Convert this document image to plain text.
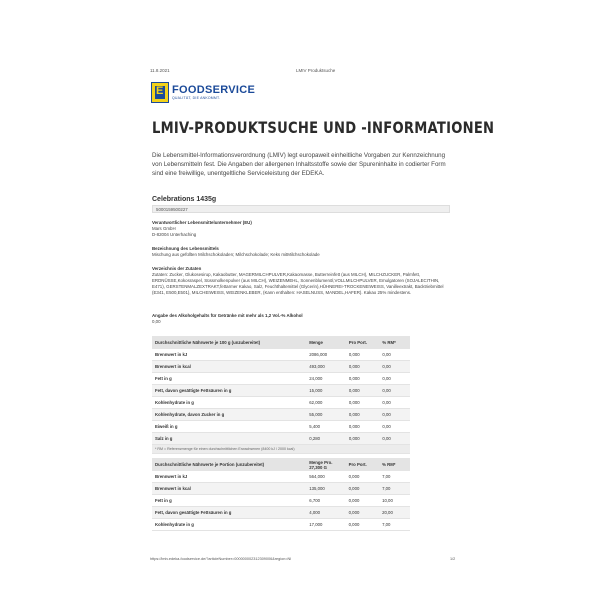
11.8.2021	LMIV Produktsuche
E FOODSERVICE
QUALITÄT, DIE ANKOMMT.
LMIV-PRODUKTSUCHE UND -INFORMATIONEN
Die Lebensmittel-Informationsverordnung (LMIV) legt europaweit einheitliche Vorgaben zur Kennzeichnung von Lebensmitteln fest. Die Angaben der allergenen Inhaltsstoffe sowie der Spureninhalte in codierter Form sind eine freiwillige, unentgeltliche Serviceleistung der EDEKA.
Celebrations 1435g
5000159500227
Verantwortlicher Lebensmittelunternehmer (EU)
Mars GmbH
D-82004 Unterhaching
Bezeichnung des Lebensmittels
Mischung aus gefüllten Milchschokoladen; Milchschokolade; Keks mitMilchschokolade
Verzeichnis der Zutaten
Zutaten: Zucker, Glukosesirup, Kakaobutter, MAGERMILCHPULVER,Kakaomasse, Butterreinfett (aus MILCH), MILCHZUCKER, Palmfett, ERDNÜSSE,Kokosraspel, Süssmolkenpulver (aus MILCH), WEIZENMEHL, Sonnenblumenöl,VOLLMILCHPULVER, Emulgatoren (SOJALECITHIN, E471), GERSTENMALZEXTRAKT,fettarmer Kakao, Salz, Feuchthaltemittel (Glycerin),HÜHNEREI-TROCKENEIWEISS, Vanilleextrakt, Backtriebmittel (E341, E500,E501), MILCHEIWEISS, WEIZENKLEBER, (Kann enthalten: HASELNUSS, MANDEL,HAFER). Kakao 25% mindestens.
Angabe des Alkoholgehalts für Getränke mit mehr als 1,2 Vol.-% Alkohol
0,00
Durchschnittliche Nährwerte je 100 g (unzubereitet)	Menge	Pro Port.	% RM*
Brennwert in kJ	2086,000	0,000	0,00
Brennwert in kcal	493,000	0,000	0,00
Fett in g	24,000	0,000	0,00
Fett, davon gesättigte Fettsäuren in g	15,000	0,000	0,00
Kohlenhydrate in g	62,000	0,000	0,00
Kohlenhydrate, davon Zucker in g	55,000	0,000	0,00
Eiweiß in g	5,400	0,000	0,00
Salz in g	0,280	0,000	0,00
* RM = Referenzmenge für einen durchschnittlichen Erwachsenen (8400 kJ / 2000 kcal)			
Durchschnittliche Nährwerte je Portion (unzubereitet)	Menge Pro. 27,300 G	Pro Port.	% RM*
Brennwert in kJ	564,000	0,000	7,00
Brennwert in kcal	135,000	0,000	7,00
Fett in g	6,700	0,000	10,00
Fett, davon gesättigte Fettsäuren in g	4,000	0,000	20,00
Kohlenhydrate in g	17,000	0,000	7,00
https://lmiv.edeka-foodservice.de/?articleNumber=000000002312309006&region=NI	1/2
